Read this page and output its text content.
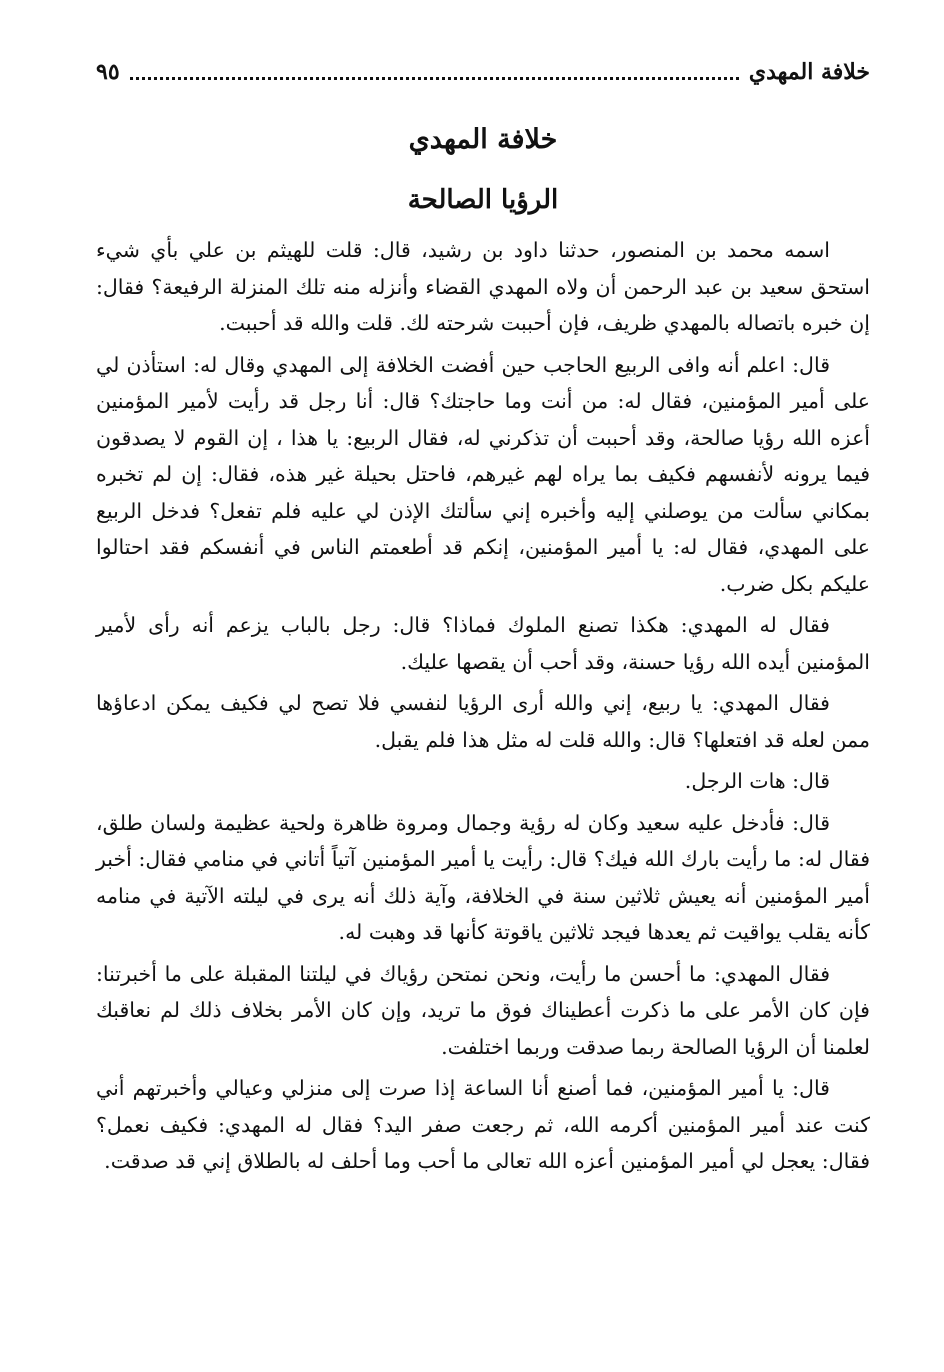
خلافة المهدي
٩٥
خلافة المهدي
الرؤيا الصالحة

اسمه محمد بن المنصور، حدثنا داود بن رشيد، قال: قلت للهيثم بن علي بأي شيء استحق سعيد بن عبد الرحمن أن ولاه المهدي القضاء وأنزله منه تلك المنزلة الرفيعة؟ فقال: إن خبره باتصاله بالمهدي ظريف، فإن أحببت شرحته لك. قلت والله قد أحببت.

قال: اعلم أنه وافى الربيع الحاجب حين أفضت الخلافة إلى المهدي وقال له: استأذن لي على أمير المؤمنين، فقال له: من أنت وما حاجتك؟ قال: أنا رجل قد رأيت لأمير المؤمنين أعزه الله رؤيا صالحة، وقد أحببت أن تذكرني له، فقال الربيع: يا هذا ، إن القوم لا يصدقون فيما يرونه لأنفسهم فكيف بما يراه لهم غيرهم، فاحتل بحيلة غير هذه، فقال: إن لم تخبره بمكاني سألت من يوصلني إليه وأخبره إني سألتك الإذن لي عليه فلم تفعل؟ فدخل الربيع على المهدي، فقال له: يا أمير المؤمنين، إنكم قد أطعمتم الناس في أنفسكم فقد احتالوا عليكم بكل ضرب.

فقال له المهدي: هكذا تصنع الملوك فماذا؟ قال: رجل بالباب يزعم أنه رأى لأمير المؤمنين أيده الله رؤيا حسنة، وقد أحب أن يقصها عليك.

فقال المهدي: يا ربيع، إني والله أرى الرؤيا لنفسي فلا تصح لي فكيف يمكن ادعاؤها ممن لعله قد افتعلها؟ قال: والله قلت له مثل هذا فلم يقبل.

قال: هات الرجل.

قال: فأدخل عليه سعيد وكان له رؤية وجمال ومروة ظاهرة ولحية عظيمة ولسان طلق، فقال له: ما رأيت بارك الله فيك؟ قال: رأيت يا أمير المؤمنين آتياً أتاني في منامي فقال: أخبر أمير المؤمنين أنه يعيش ثلاثين سنة في الخلافة، وآية ذلك أنه يرى في ليلته الآتية في منامه كأنه يقلب يواقيت ثم يعدها فيجد ثلاثين ياقوتة كأنها قد وهبت له.

فقال المهدي: ما أحسن ما رأيت، ونحن نمتحن رؤياك في ليلتنا المقبلة على ما أخبرتنا: فإن كان الأمر على ما ذكرت أعطيناك فوق ما تريد، وإن كان الأمر بخلاف ذلك لم نعاقبك لعلمنا أن الرؤيا الصالحة ربما صدقت وربما اختلفت.

قال: يا أمير المؤمنين، فما أصنع أنا الساعة إذا صرت إلى منزلي وعيالي وأخبرتهم أني كنت عند أمير المؤمنين أكرمه الله، ثم رجعت صفر اليد؟ فقال له المهدي: فكيف نعمل؟ فقال: يعجل لي أمير المؤمنين أعزه الله تعالى ما أحب وما أحلف له بالطلاق إني قد صدقت.
